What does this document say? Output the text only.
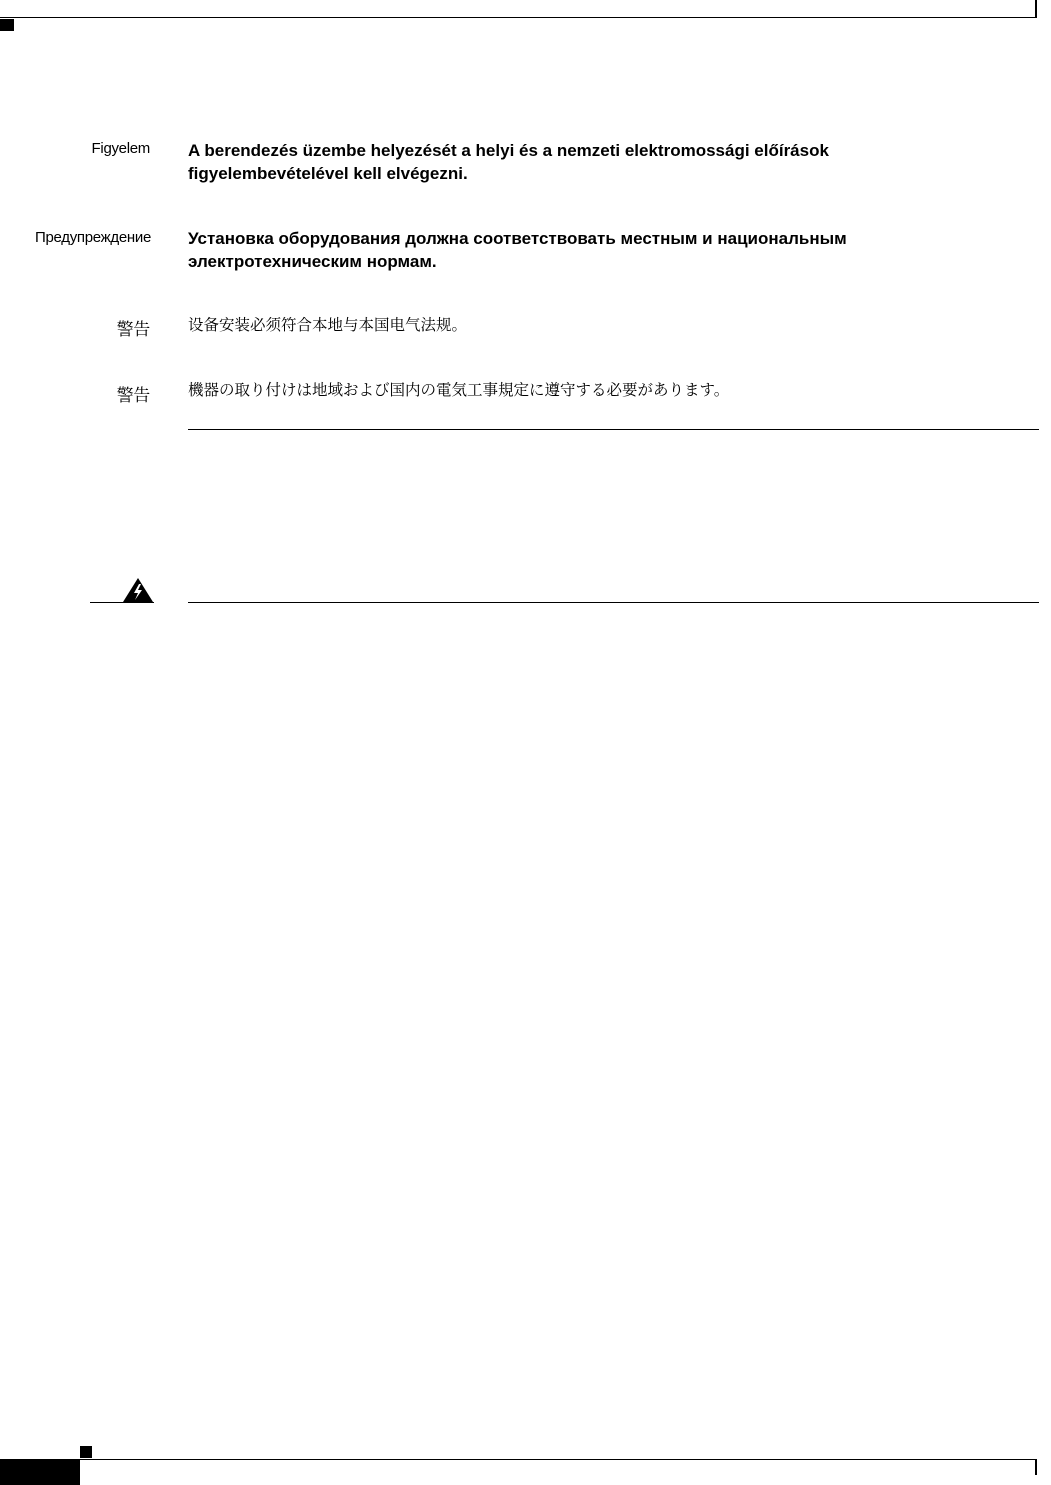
Figyelem A berendezés üzembe helyezését a helyi és a nemzeti elektromossági előírások figyelembevételével kell elvégezni.
Предупреждение Установка оборудования должна соответствовать местным и национальным электротехническим нормам.
警告 设备安装必须符合本地与本国电气法规。
警告 機器の取り付けは地域および国内の電気工事規定に遵守する必要があります。
